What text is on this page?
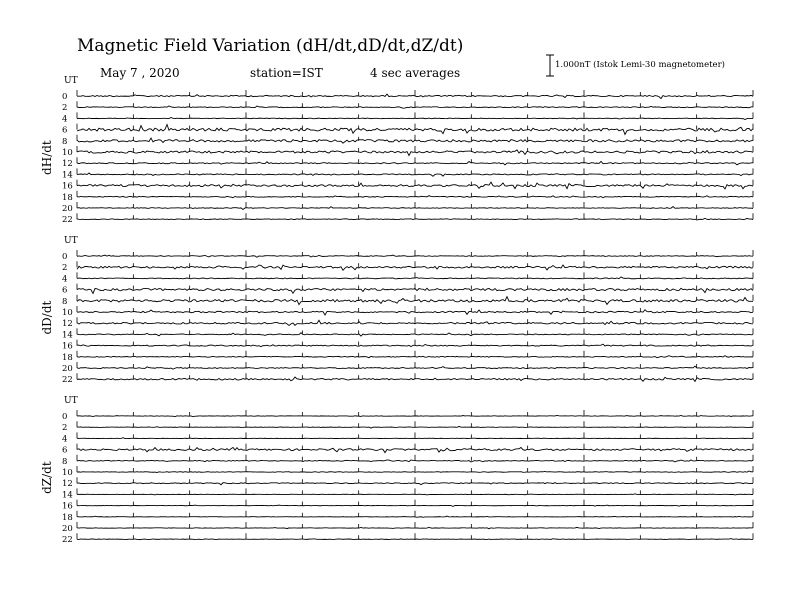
Magnetic Field Variation (dH/dt,dD/dt,dZ/dt)
May 7 , 2020	station=IST	4 sec averages
1.000nT (Istok Lemi-30 magnetometer)
UT
dH/dt
0
2
4
6
8
10
12
14
16
18
20
22
UT
dD/dt
0
2
4
6
8
10
12
14
16
18
20
22
UT
dZ/dt
0
2
4
6
8
10
12
14
16
18
20
22
